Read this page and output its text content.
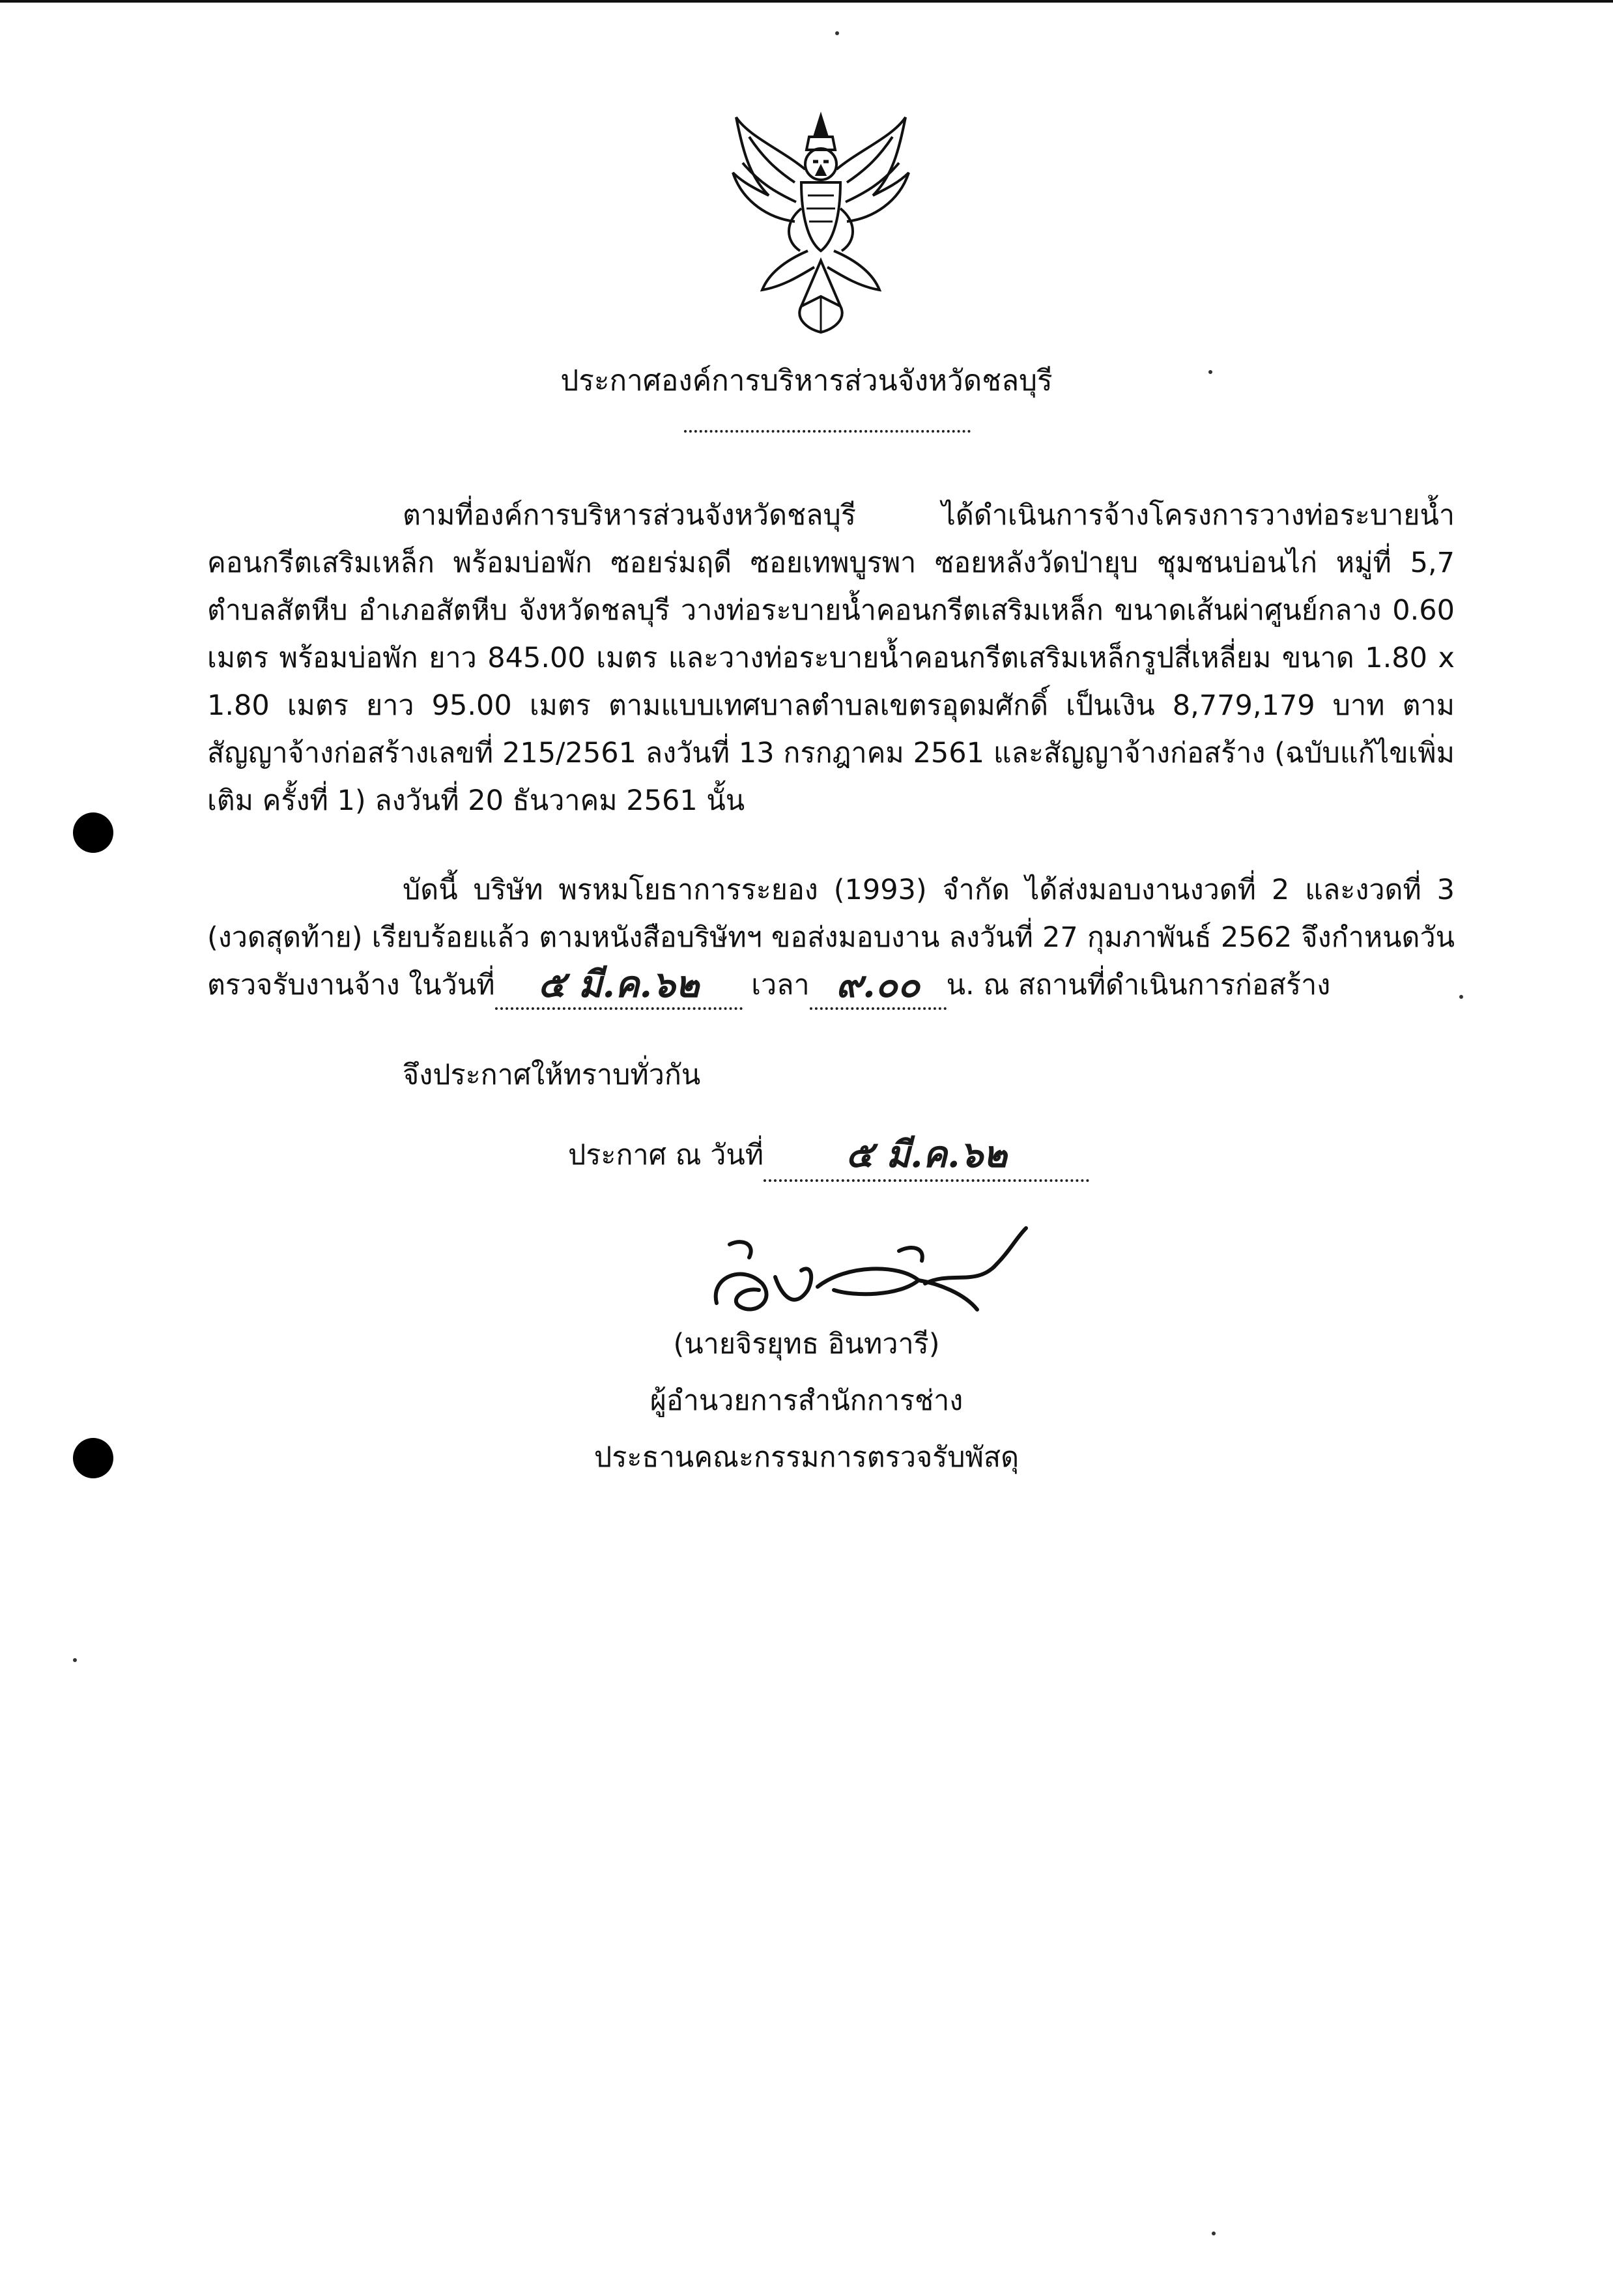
ประกาศองค์การบริหารส่วนจังหวัดชลบุรี

ตามที่องค์การบริหารส่วนจังหวัดชลบุรี ได้ดำเนินการจ้างโครงการวางท่อระบายน้ำคอนกรีตเสริมเหล็ก พร้อมบ่อพัก ซอยร่มฤดี ซอยเทพบูรพา ซอยหลังวัดป่ายุบ ชุมชนบ่อนไก่ หมู่ที่ 5,7 ตำบลสัตหีบ อำเภอสัตหีบ จังหวัดชลบุรี วางท่อระบายน้ำคอนกรีตเสริมเหล็ก ขนาดเส้นผ่าศูนย์กลาง 0.60 เมตร พร้อมบ่อพัก ยาว 845.00 เมตร และวางท่อระบายน้ำคอนกรีตเสริมเหล็กรูปสี่เหลี่ยม ขนาด 1.80 x 1.80 เมตร ยาว 95.00 เมตร ตามแบบเทศบาลตำบลเขตรอุดมศักดิ์ เป็นเงิน 8,779,179 บาท ตามสัญญาจ้างก่อสร้างเลขที่ 215/2561 ลงวันที่ 13 กรกฎาคม 2561 และสัญญาจ้างก่อสร้าง (ฉบับแก้ไขเพิ่มเติม ครั้งที่ 1) ลงวันที่ 20 ธันวาคม 2561 นั้น

บัดนี้ บริษัท พรหมโยธาการระยอง (1993) จำกัด ได้ส่งมอบงานงวดที่ 2 และงวดที่ 3 (งวดสุดท้าย) เรียบร้อยแล้ว ตามหนังสือบริษัทฯ ขอส่งมอบงาน ลงวันที่ 27 กุมภาพันธ์ 2562 จึงกำหนดวันตรวจรับงานจ้าง ในวันที่ ๕ มี.ค.๖๒ เวลา ๙.๐๐ น. ณ สถานที่ดำเนินการก่อสร้าง

จึงประกาศให้ทราบทั่วกัน
ประกาศ ณ วันที่ ๕ มี.ค.๖๒
(นายจิรยุทธ อินทวารี)
ผู้อำนวยการสำนักการช่าง
ประธานคณะกรรมการตรวจรับพัสดุ
